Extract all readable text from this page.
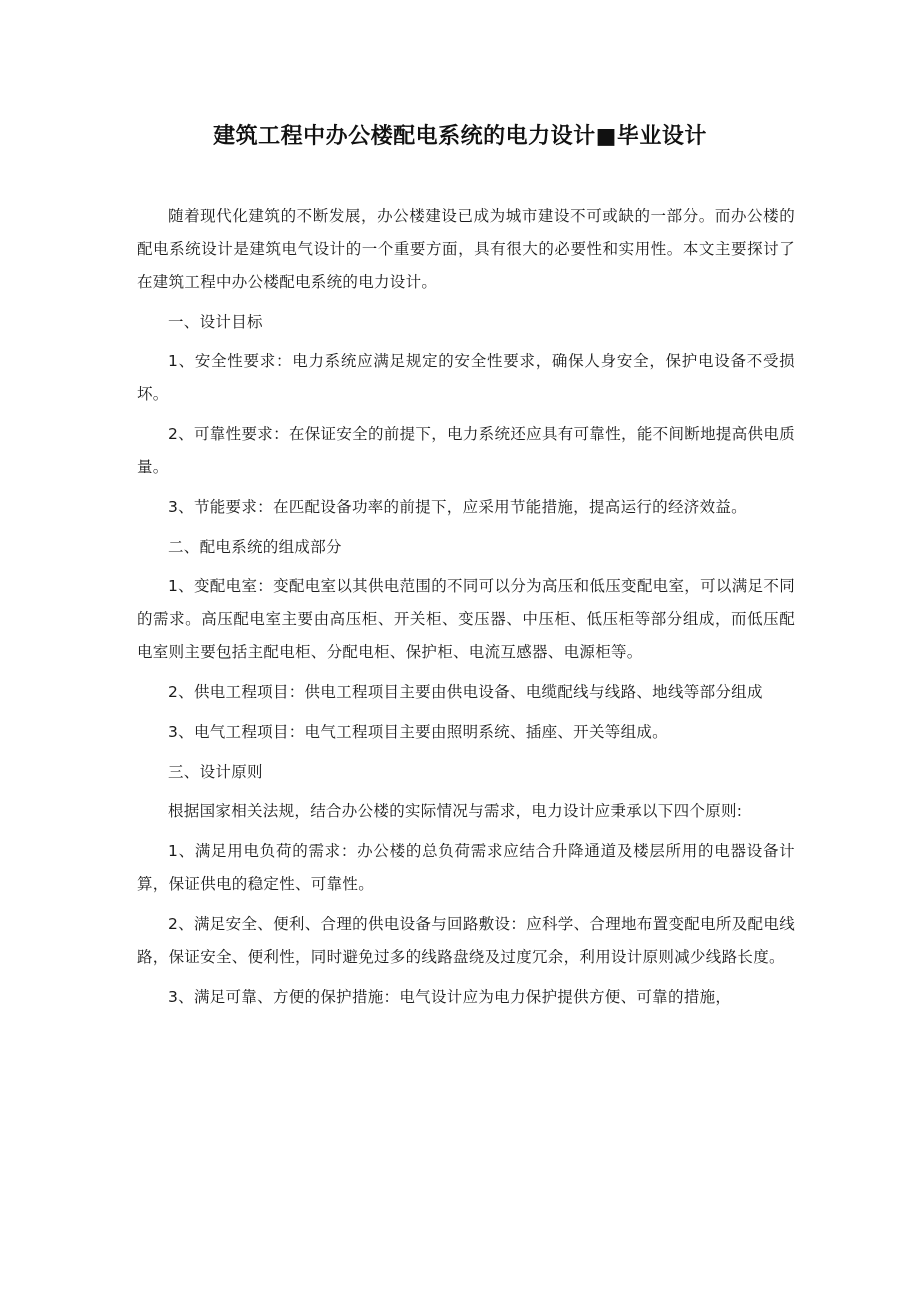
建筑工程中办公楼配电系统的电力设计■毕业设计

随着现代化建筑的不断发展，办公楼建设已成为城市建设不可或缺的一部分。而办公楼的配电系统设计是建筑电气设计的一个重要方面，具有很大的必要性和实用性。本文主要探讨了在建筑工程中办公楼配电系统的电力设计。

一、设计目标

1、安全性要求：电力系统应满足规定的安全性要求，确保人身安全，保护电设备不受损坏。

2、可靠性要求：在保证安全的前提下，电力系统还应具有可靠性，能不间断地提高供电质量。

3、节能要求：在匹配设备功率的前提下，应采用节能措施，提高运行的经济效益。

二、配电系统的组成部分

1、变配电室：变配电室以其供电范围的不同可以分为高压和低压变配电室，可以满足不同的需求。高压配电室主要由高压柜、开关柜、变压器、中压柜、低压柜等部分组成，而低压配电室则主要包括主配电柜、分配电柜、保护柜、电流互感器、电源柜等。

2、供电工程项目：供电工程项目主要由供电设备、电缆配线与线路、地线等部分组成

3、电气工程项目：电气工程项目主要由照明系统、插座、开关等组成。

三、设计原则

根据国家相关法规，结合办公楼的实际情况与需求，电力设计应秉承以下四个原则:

1、满足用电负荷的需求：办公楼的总负荷需求应结合升降通道及楼层所用的电器设备计算，保证供电的稳定性、可靠性。

2、满足安全、便利、合理的供电设备与回路敷设：应科学、合理地布置变配电所及配电线路，保证安全、便利性，同时避免过多的线路盘绕及过度冗余，利用设计原则减少线路长度。

3、满足可靠、方便的保护措施：电气设计应为电力保护提供方便、可靠的措施，
